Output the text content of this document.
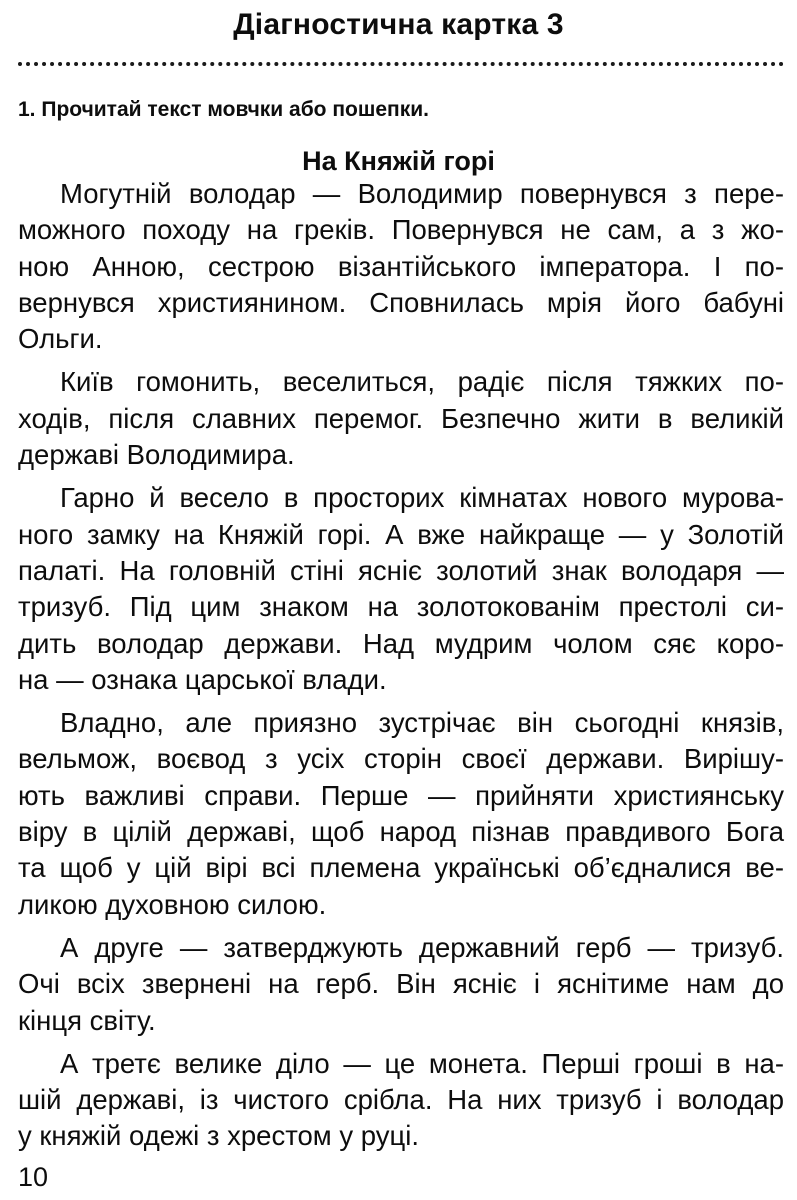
Діагностична картка 3
1. Прочитай текст мовчки або пошепки.
На Княжій горі
Могутній володар — Володимир повернувся з пере-
можного походу на греків. Повернувся не сам, а з жо-
ною Анною, сестрою візантійського імператора. І по-
вернувся християнином. Сповнилась мрія його бабуні
Ольги.
Київ гомонить, веселиться, радіє після тяжких по-
ходів, після славних перемог. Безпечно жити в великій
державі Володимира.
Гарно й весело в просторих кімнатах нового мурова-
ного замку на Княжій горі. А вже найкраще — у Золотій
палаті. На головній стіні ясніє золотий знак володаря —
тризуб. Під цим знаком на золотокованім престолі си-
дить володар держави. Над мудрим чолом сяє коро-
на — ознака царської влади.
Владно, але приязно зустрічає він сьогодні князів,
вельмож, воєвод з усіх сторін своєї держави. Вирішу-
ють важливі справи. Перше — прийняти християнську
віру в цілій державі, щоб народ пізнав правдивого Бога
та щоб у цій вірі всі племена українські об’єдналися ве-
ликою духовною силою.
А друге — затверджують державний герб — тризуб.
Очі всіх звернені на герб. Він ясніє і яснітиме нам до
кінця світу.
А третє велике діло — це монета. Перші гроші в на-
шій державі, із чистого срібла. На них тризуб і володар
у княжій одежі з хрестом у руці.
10
